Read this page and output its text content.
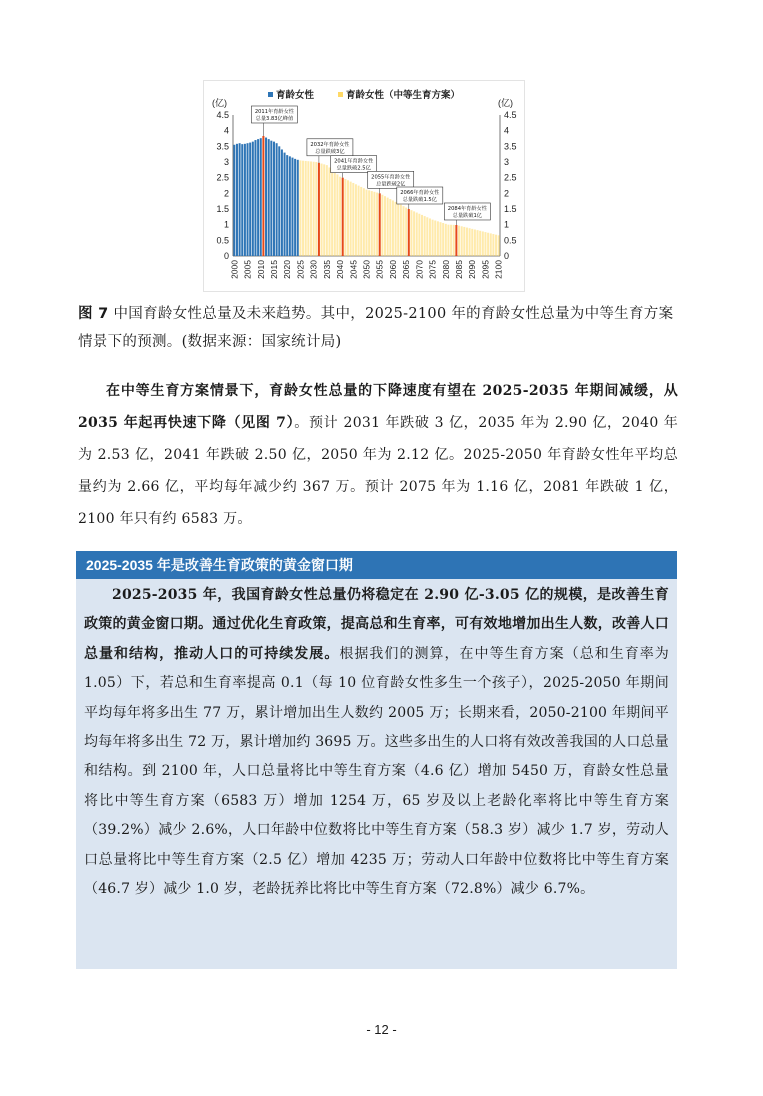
0	0
0.5	0.5
1	1
1.5	1.5
2	2
2.5	2.5
3	3
3.5	3.5
4	4
4.5	4.5
(亿)	(亿)
2000 2005 2010 2015 2020 2025 2030 2035 2040 2045 2050 2055 2060 2065 2070 2075 2080 2085 2090 2095 2100
育龄女性	育龄女性（中等生育方案）
2011年育龄女性
总量3.83亿峰值
2032年育龄女性
总量跌破3亿
2041年育龄女性
总量跌破2.5亿
2055年育龄女性
总量跌破2亿
2066年育龄女性
总量跌破1.5亿
2084年育龄女性
总量跌破1亿
图 7 中国育龄女性总量及未来趋势。其中，2025-2100 年的育龄女性总量为中等生育方案情景下的预测。(数据来源：国家统计局)

在中等生育方案情景下，育龄女性总量的下降速度有望在 2025-2035 年期间减缓，从 2035 年起再快速下降（见图 7）。预计 2031 年跌破 3 亿，2035 年为 2.90 亿，2040 年为 2.53 亿，2041 年跌破 2.50 亿，2050 年为 2.12 亿。2025-2050 年育龄女性年平均总量约为 2.66 亿，平均每年减少约 367 万。预计 2075 年为 1.16 亿，2081 年跌破 1 亿，2100 年只有约 6583 万。

2025-2035 年是改善生育政策的黄金窗口期

2025-2035 年，我国育龄女性总量仍将稳定在 2.90 亿-3.05 亿的规模，是改善生育政策的黄金窗口期。通过优化生育政策，提高总和生育率，可有效地增加出生人数，改善人口总量和结构，推动人口的可持续发展。根据我们的测算，在中等生育方案（总和生育率为 1.05）下，若总和生育率提高 0.1（每 10 位育龄女性多生一个孩子），2025-2050 年期间平均每年将多出生 77 万，累计增加出生人数约 2005 万；长期来看，2050-2100 年期间平均每年将多出生 72 万，累计增加约 3695 万。这些多出生的人口将有效改善我国的人口总量和结构。到 2100 年，人口总量将比中等生育方案（4.6 亿）增加 5450 万，育龄女性总量将比中等生育方案（6583 万）增加 1254 万，65 岁及以上老龄化率将比中等生育方案（39.2%）减少 2.6%，人口年龄中位数将比中等生育方案（58.3 岁）减少 1.7 岁，劳动人口总量将比中等生育方案（2.5 亿）增加 4235 万；劳动人口年龄中位数将比中等生育方案（46.7 岁）减少 1.0 岁，老龄抚养比将比中等生育方案（72.8%）减少 6.7%。

- 12 -
